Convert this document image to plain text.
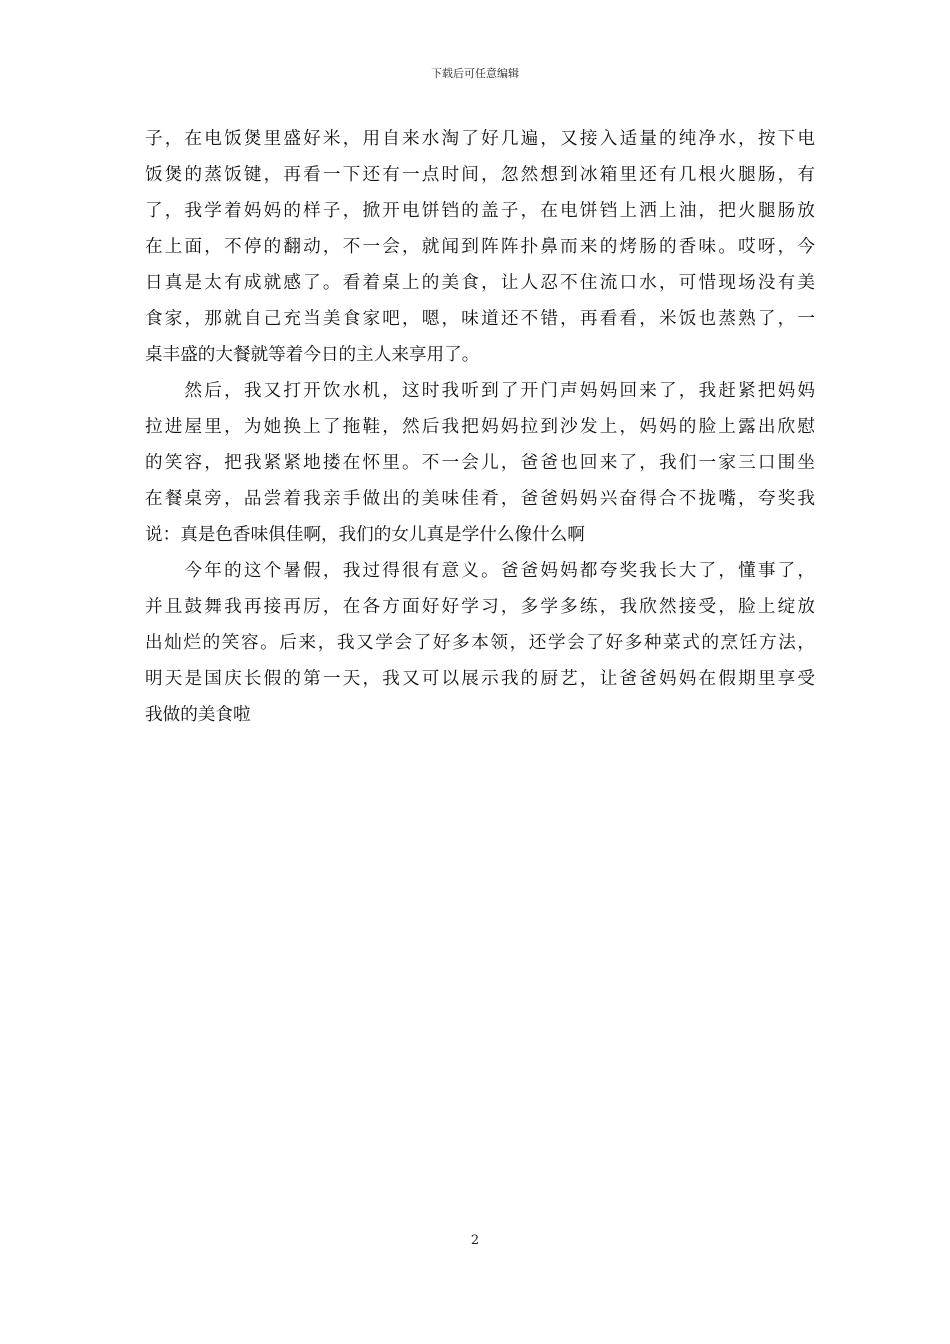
下载后可任意编辑
子，在电饭煲里盛好米，用自来水淘了好几遍，又接入适量的纯净水，按下电
饭煲的蒸饭键，再看一下还有一点时间，忽然想到冰箱里还有几根火腿肠，有
了，我学着妈妈的样子，掀开电饼铛的盖子，在电饼铛上洒上油，把火腿肠放
在上面，不停的翻动，不一会，就闻到阵阵扑鼻而来的烤肠的香味。哎呀，今
日真是太有成就感了。看着桌上的美食，让人忍不住流口水，可惜现场没有美
食家，那就自己充当美食家吧，嗯，味道还不错，再看看，米饭也蒸熟了，一
桌丰盛的大餐就等着今日的主人来享用了。
　　然后，我又打开饮水机，这时我听到了开门声妈妈回来了，我赶紧把妈妈
拉进屋里，为她换上了拖鞋，然后我把妈妈拉到沙发上，妈妈的脸上露出欣慰
的笑容，把我紧紧地搂在怀里。不一会儿，爸爸也回来了，我们一家三口围坐
在餐桌旁，品尝着我亲手做出的美味佳肴，爸爸妈妈兴奋得合不拢嘴，夸奖我
说：真是色香味俱佳啊，我们的女儿真是学什么像什么啊
　　今年的这个暑假，我过得很有意义。爸爸妈妈都夸奖我长大了，懂事了，
并且鼓舞我再接再厉，在各方面好好学习，多学多练，我欣然接受，脸上绽放
出灿烂的笑容。后来，我又学会了好多本领，还学会了好多种菜式的烹饪方法，
明天是国庆长假的第一天，我又可以展示我的厨艺，让爸爸妈妈在假期里享受
我做的美食啦
2
